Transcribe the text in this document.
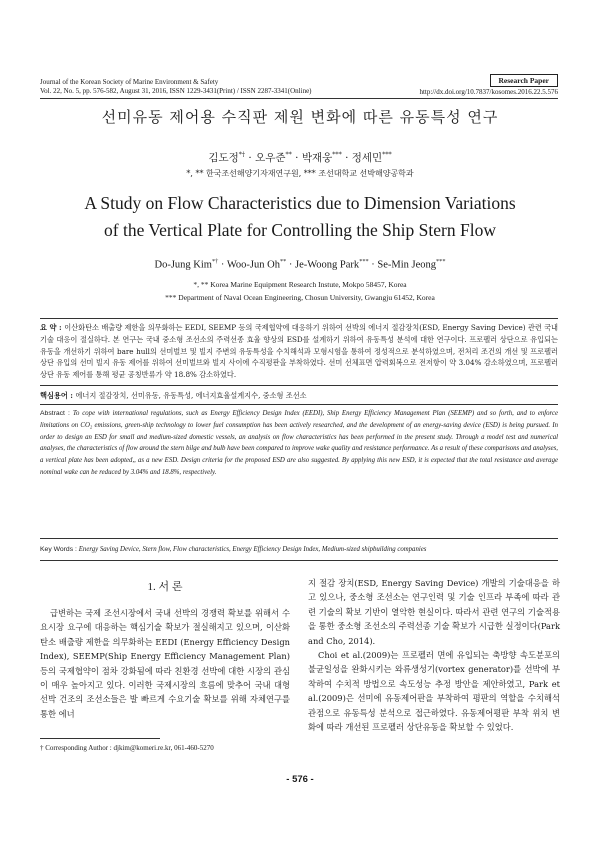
Journal of the Korean Society of Marine Environment & Safety
Vol. 22, No. 5, pp. 576-582, August 31, 2016, ISSN 1229-3431(Print) / ISSN 2287-3341(Online)
Research Paper
http://dx.doi.org/10.7837/kosomes.2016.22.5.576
선미유동 제어용 수직판 제원 변화에 따른 유동특성 연구
김도정*† · 오우준** · 박재웅*** · 정세민***
*, ** 한국조선해양기자재연구원, *** 조선대학교 선박해양공학과
A Study on Flow Characteristics due to Dimension Variations
of the Vertical Plate for Controlling the Ship Stern Flow
Do-Jung Kim*† · Woo-Jun Oh** · Je-Woong Park*** · Se-Min Jeong***
*, ** Korea Marine Equipment Research Instute, Mokpo 58457, Korea
*** Department of Naval Ocean Engineering, Chosun University, Gwangju 61452, Korea
요 약 : 이산화탄소 배출량 제한을 의무화하는 EEDI, SEEMP 등의 국제협약에 대응하기 위하여 선박의 에너지 절감장치(ESD, Energy Saving Device) 관련 국내기술 대응이 절실하다. 본 연구는 국내 중소형 조선소의 주력선종 효율 향상의 ESD를 설계하기 위하여 유동특성 분석에 대한 연구이다. 프로펠러 상단으로 유입되는 유동을 개선하기 위하여 bare hull의 선미벌브 및 빌지 주변의 유동특성을 수치해석과 모형시험을 통하여 정성적으로 분석하였으며, 전처리 조건의 개선 및 프로펠러 상단 유입의 선미 빌지 유동 제어를 위하여 선미벌브와 빌지 사이에 수직평판을 부착하였다. 선미 선체표면 압력회복으로 전저항이 약 3.04% 감소하였으며, 프로펠러 상단 유동 제어를 통해 평균 공칭반류가 약 18.8% 감소하였다.
핵심용어 : 에너지 절감장치, 선미유동, 유동특성, 에너지효율설계지수, 중소형 조선소
Abstract : To cope with international regulations, such as Energy Efficiency Design Index (EEDI), Ship Energy Efficiency Management Plan (SEEMP) and so forth, and to enforce limitations on CO₂ emissions, green-ship technology to lower fuel consumption has been actively researched, and the development of an energy-saving device (ESD) is being pursued. In order to design an ESD for small and medium-sized domestic vessels, an analysis on flow characteristics has been performed in the present study. Through a model test and numerical analyses, the characteristics of flow around the stern bilge and bulb have been compared to improve wake quality and resistance performance. As a result of these comparisons and analyses, a vertical plate has been adopted,, as a new ESD. Design criteria for the proposed ESD are also suggested. By applying this new ESD, it is expected that the total resistance and average nominal wake can be reduced by 3.04% and 18.8%, respectively.
Key Words : Energy Saving Device, Stern flow, Flow characteristics, Energy Efficiency Design Index, Medium-sized shipbuilding companies
1. 서 론
급변하는 국제 조선시장에서 국내 선박의 경쟁력 확보를 위해서 수요시장 요구에 대응하는 핵심기술 확보가 절실해지고 있으며, 이산화탄소 배출량 제한을 의무화하는 EEDI (Energy Efficiency Design Index), SEEMP(Ship Energy Efficiency Management Plan) 등의 국제협약이 점차 강화됨에 따라 친환경 선박에 대한 시장의 관심이 매우 높아지고 있다. 이러한 국제시장의 흐름에 맞추어 국내 대형선박 건조의 조선소들은 발 빠르게 수요기술 확보를 위해 자체연구를 통한 에너
† Corresponding Author : djkim@komeri.re.kr, 061-460-5270
지 절감 장치(ESD, Energy Saving Device) 개발의 기술대응을 하고 있으나, 중소형 조선소는 연구인력 및 기술 인프라 부족에 따라 관련 기술의 확보 기반이 열악한 현실이다. 따라서 관련 연구의 기술적용을 통한 중소형 조선소의 주력선종 기술 확보가 시급한 실정이다(Park and Cho, 2014).
Choi et al.(2009)는 프로펠러 면에 유입되는 축방향 속도분포의 불균일성을 완화시키는 와류생성기(vortex generator)를 선박에 부착하여 수치적 방법으로 속도성능 추정 방안을 제안하였고, Park et al.(2009)은 선미에 유동제어판을 부착하여 평판의 역할을 수치해석 관점으로 유동특성 분석으로 접근하였다. 유동제어평판 부착 위치 변화에 따라 개선된 프로펠러 상단유동을 확보할 수 있었다.
- 576 -
